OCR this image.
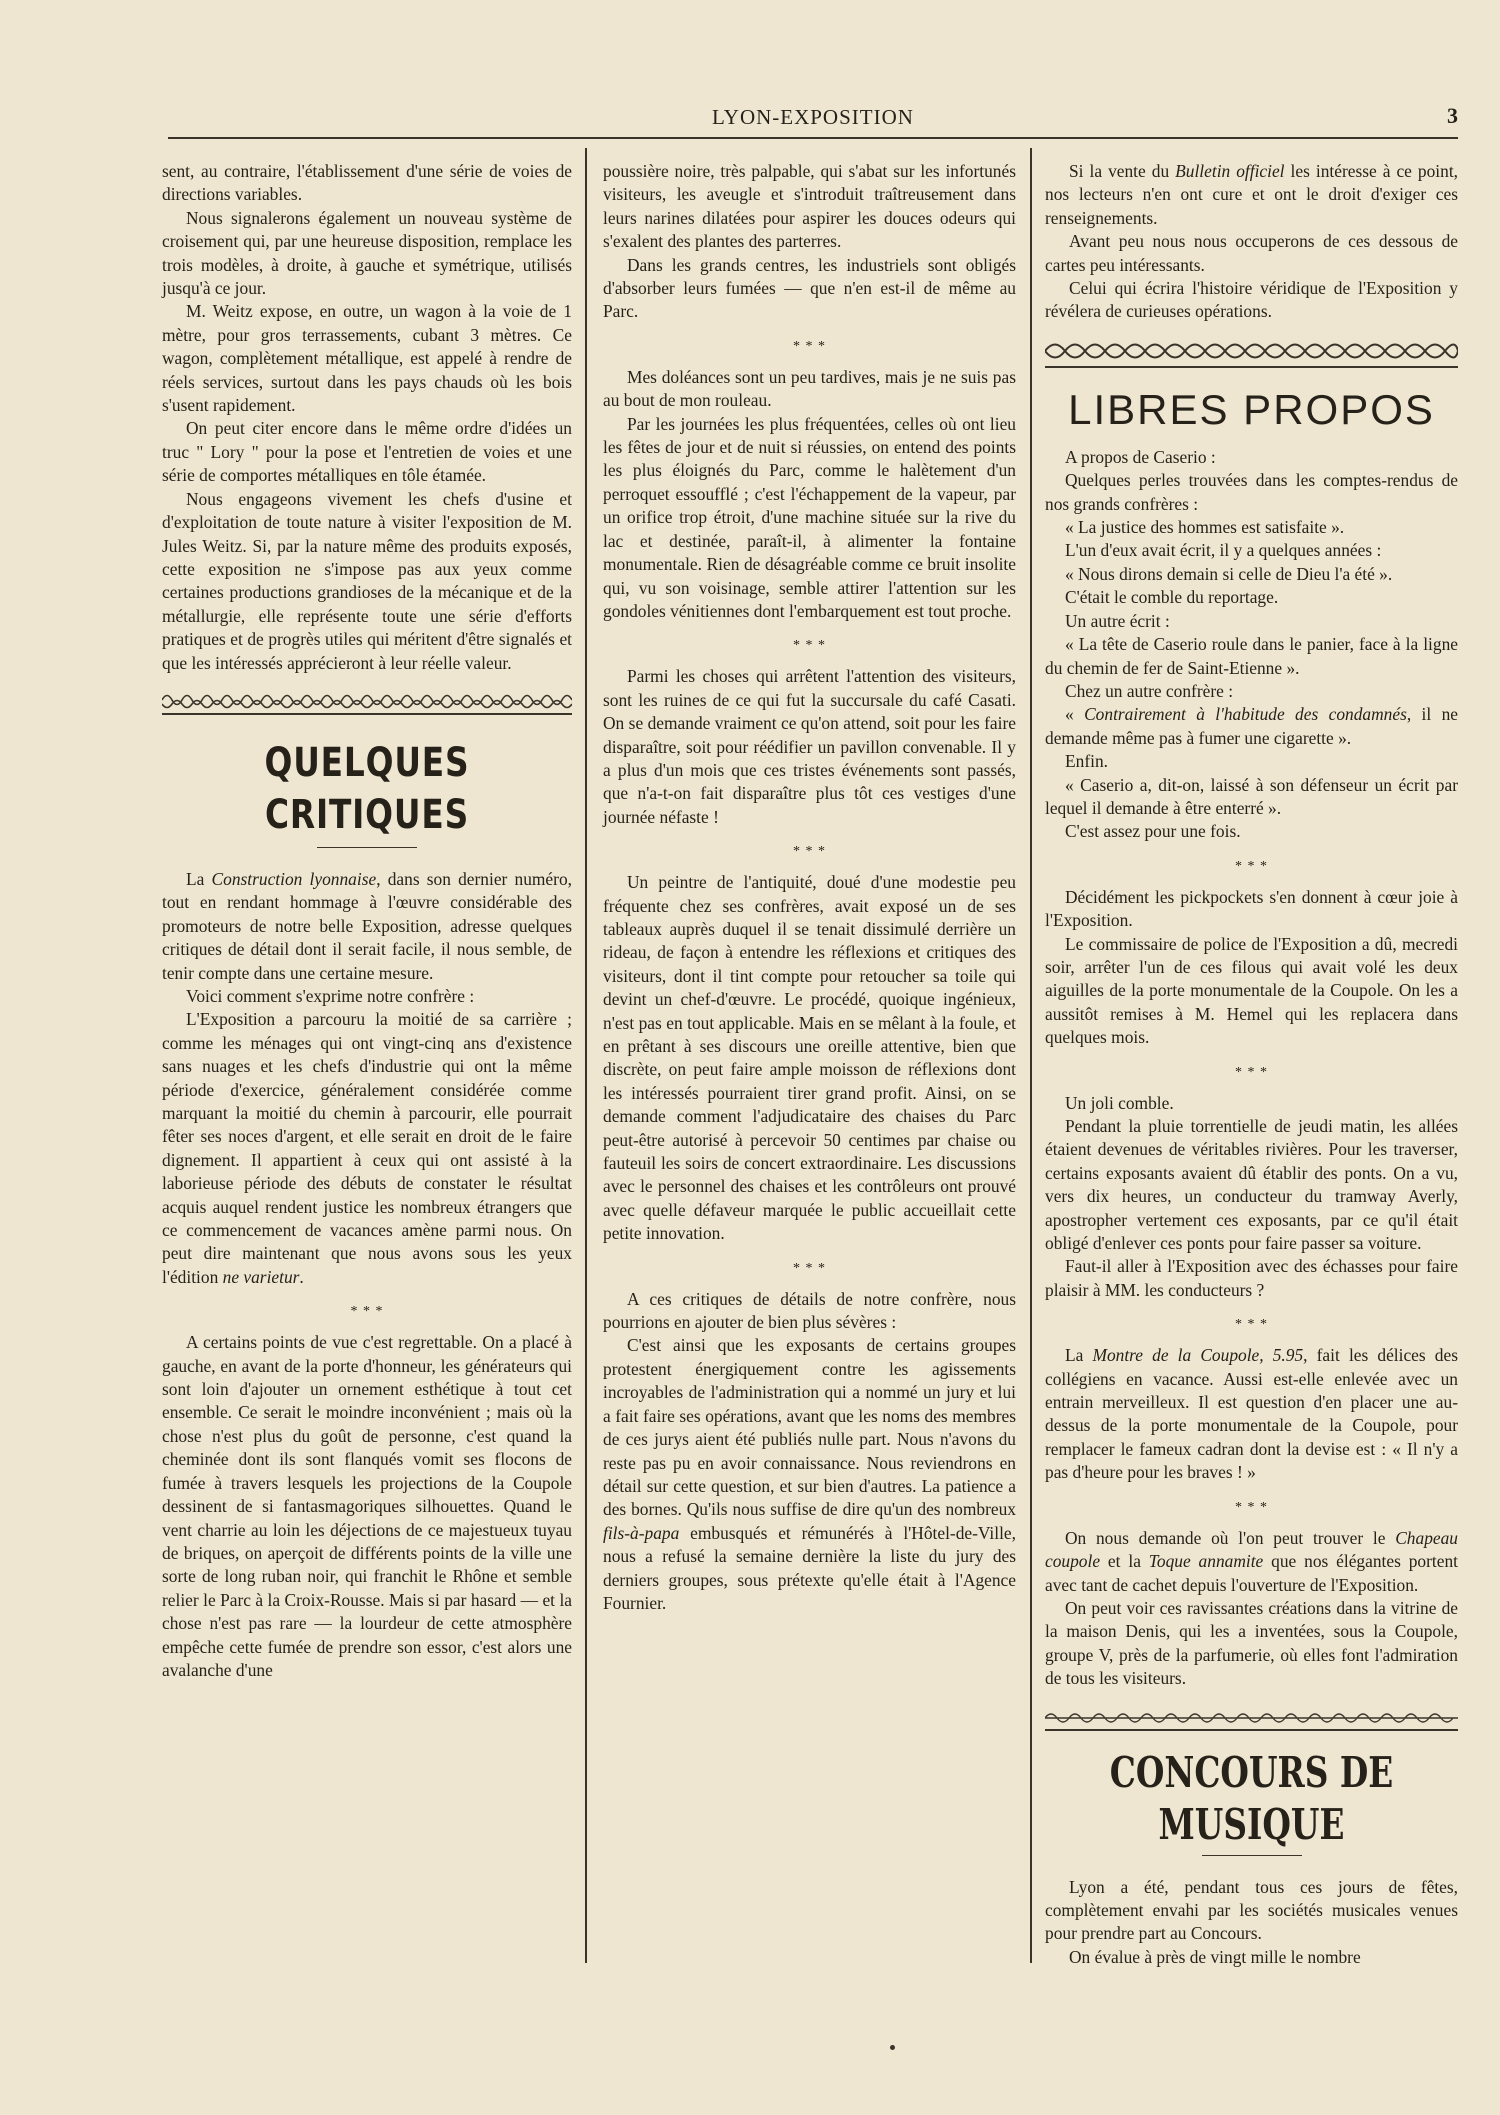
LYON-EXPOSITION	3

sent, au contraire, l'établissement d'une série de voies de directions variables.

Nous signalerons également un nouveau système de croisement qui, par une heureuse disposition, remplace les trois modèles, à droite, à gauche et symétrique, utilisés jusqu'à ce jour.

M. Weitz expose, en outre, un wagon à la voie de 1 mètre, pour gros terrassements, cubant 3 mètres. Ce wagon, complètement métallique, est appelé à rendre de réels services, surtout dans les pays chauds où les bois s'usent rapidement.

On peut citer encore dans le même ordre d'idées un truc " Lory " pour la pose et l'entretien de voies et une série de comportes métalliques en tôle étamée.

Nous engageons vivement les chefs d'usine et d'exploitation de toute nature à visiter l'exposition de M. Jules Weitz. Si, par la nature même des produits exposés, cette exposition ne s'impose pas aux yeux comme certaines productions grandioses de la mécanique et de la métallurgie, elle représente toute une série d'efforts pratiques et de progrès utiles qui méritent d'être signalés et que les intéressés apprécieront à leur réelle valeur.

QUELQUES CRITIQUES

La Construction lyonnaise, dans son dernier numéro, tout en rendant hommage à l'œuvre considérable des promoteurs de notre belle Exposition, adresse quelques critiques de détail dont il serait facile, il nous semble, de tenir compte dans une certaine mesure.

Voici comment s'exprime notre confrère :

L'Exposition a parcouru la moitié de sa carrière ; comme les ménages qui ont vingt-cinq ans d'existence sans nuages et les chefs d'industrie qui ont la même période d'exercice, généralement considérée comme marquant la moitié du chemin à parcourir, elle pourrait fêter ses noces d'argent, et elle serait en droit de le faire dignement. Il appartient à ceux qui ont assisté à la laborieuse période des débuts de constater le résultat acquis auquel rendent justice les nombreux étrangers que ce commencement de vacances amène parmi nous. On peut dire maintenant que nous avons sous les yeux l'édition ne varietur.

* * *

A certains points de vue c'est regrettable. On a placé à gauche, en avant de la porte d'honneur, les générateurs qui sont loin d'ajouter un ornement esthétique à tout cet ensemble. Ce serait le moindre inconvénient ; mais où la chose n'est plus du goût de personne, c'est quand la cheminée dont ils sont flanqués vomit ses flocons de fumée à travers lesquels les projections de la Coupole dessinent de si fantasmagoriques silhouettes. Quand le vent charrie au loin les déjections de ce majestueux tuyau de briques, on aperçoit de différents points de la ville une sorte de long ruban noir, qui franchit le Rhône et semble relier le Parc à la Croix-Rousse. Mais si par hasard — et la chose n'est pas rare — la lourdeur de cette atmosphère empêche cette fumée de prendre son essor, c'est alors une avalanche d'une

poussière noire, très palpable, qui s'abat sur les infortunés visiteurs, les aveugle et s'introduit traîtreusement dans leurs narines dilatées pour aspirer les douces odeurs qui s'exalent des plantes des parterres.

Dans les grands centres, les industriels sont obligés d'absorber leurs fumées — que n'en est-il de même au Parc.

* * *

Mes doléances sont un peu tardives, mais je ne suis pas au bout de mon rouleau.

Par les journées les plus fréquentées, celles où ont lieu les fêtes de jour et de nuit si réussies, on entend des points les plus éloignés du Parc, comme le halètement d'un perroquet essoufflé ; c'est l'échappement de la vapeur, par un orifice trop étroit, d'une machine située sur la rive du lac et destinée, paraît-il, à alimenter la fontaine monumentale. Rien de désagréable comme ce bruit insolite qui, vu son voisinage, semble attirer l'attention sur les gondoles vénitiennes dont l'embarquement est tout proche.

* * *

Parmi les choses qui arrêtent l'attention des visiteurs, sont les ruines de ce qui fut la succursale du café Casati. On se demande vraiment ce qu'on attend, soit pour les faire disparaître, soit pour réédifier un pavillon convenable. Il y a plus d'un mois que ces tristes événements sont passés, que n'a-t-on fait disparaître plus tôt ces vestiges d'une journée néfaste !

* * *

Un peintre de l'antiquité, doué d'une modestie peu fréquente chez ses confrères, avait exposé un de ses tableaux auprès duquel il se tenait dissimulé derrière un rideau, de façon à entendre les réflexions et critiques des visiteurs, dont il tint compte pour retoucher sa toile qui devint un chef-d'œuvre. Le procédé, quoique ingénieux, n'est pas en tout applicable. Mais en se mêlant à la foule, et en prêtant à ses discours une oreille attentive, bien que discrète, on peut faire ample moisson de réflexions dont les intéressés pourraient tirer grand profit. Ainsi, on se demande comment l'adjudicataire des chaises du Parc peut-être autorisé à percevoir 50 centimes par chaise ou fauteuil les soirs de concert extraordinaire. Les discussions avec le personnel des chaises et les contrôleurs ont prouvé avec quelle défaveur marquée le public accueillait cette petite innovation.

* * *

A ces critiques de détails de notre confrère, nous pourrions en ajouter de bien plus sévères :

C'est ainsi que les exposants de certains groupes protestent énergiquement contre les agissements incroyables de l'administration qui a nommé un jury et lui a fait faire ses opérations, avant que les noms des membres de ces jurys aient été publiés nulle part. Nous n'avons du reste pas pu en avoir connaissance. Nous reviendrons en détail sur cette question, et sur bien d'autres. La patience a des bornes. Qu'ils nous suffise de dire qu'un des nombreux fils-à-papa embusqués et rémunérés à l'Hôtel-de-Ville, nous a refusé la semaine dernière la liste du jury des derniers groupes, sous prétexte qu'elle était à l'Agence Fournier.

Si la vente du Bulletin officiel les intéresse à ce point, nos lecteurs n'en ont cure et ont le droit d'exiger ces renseignements.

Avant peu nous nous occuperons de ces dessous de cartes peu intéressants.

Celui qui écrira l'histoire véridique de l'Exposition y révélera de curieuses opérations.

LIBRES PROPOS

A propos de Caserio :

Quelques perles trouvées dans les comptes-rendus de nos grands confrères :

« La justice des hommes est satisfaite ».

L'un d'eux avait écrit, il y a quelques années :

« Nous dirons demain si celle de Dieu l'a été ».

C'était le comble du reportage.

Un autre écrit :

« La tête de Caserio roule dans le panier, face à la ligne du chemin de fer de Saint-Etienne ».

Chez un autre confrère :

« Contrairement à l'habitude des condamnés, il ne demande même pas à fumer une cigarette ».

Enfin.

« Caserio a, dit-on, laissé à son défenseur un écrit par lequel il demande à être enterré ».

C'est assez pour une fois.

* * *

Décidément les pickpockets s'en donnent à cœur joie à l'Exposition.

Le commissaire de police de l'Exposition a dû, mecredi soir, arrêter l'un de ces filous qui avait volé les deux aiguilles de la porte monumentale de la Coupole. On les a aussitôt remises à M. Hemel qui les replacera dans quelques mois.

* * *

Un joli comble.

Pendant la pluie torrentielle de jeudi matin, les allées étaient devenues de véritables rivières. Pour les traverser, certains exposants avaient dû établir des ponts. On a vu, vers dix heures, un conducteur du tramway Averly, apostropher vertement ces exposants, par ce qu'il était obligé d'enlever ces ponts pour faire passer sa voiture.

Faut-il aller à l'Exposition avec des échasses pour faire plaisir à MM. les conducteurs ?

* * *

La Montre de la Coupole, 5.95, fait les délices des collégiens en vacance. Aussi est-elle enlevée avec un entrain merveilleux. Il est question d'en placer une au-dessus de la porte monumentale de la Coupole, pour remplacer le fameux cadran dont la devise est : « Il n'y a pas d'heure pour les braves ! »

* * *

On nous demande où l'on peut trouver le Chapeau coupole et la Toque annamite que nos élégantes portent avec tant de cachet depuis l'ouverture de l'Exposition.

On peut voir ces ravissantes créations dans la vitrine de la maison Denis, qui les a inventées, sous la Coupole, groupe V, près de la parfumerie, où elles font l'admiration de tous les visiteurs.

CONCOURS DE MUSIQUE

Lyon a été, pendant tous ces jours de fêtes, complètement envahi par les sociétés musicales venues pour prendre part au Concours.

On évalue à près de vingt mille le nombre
